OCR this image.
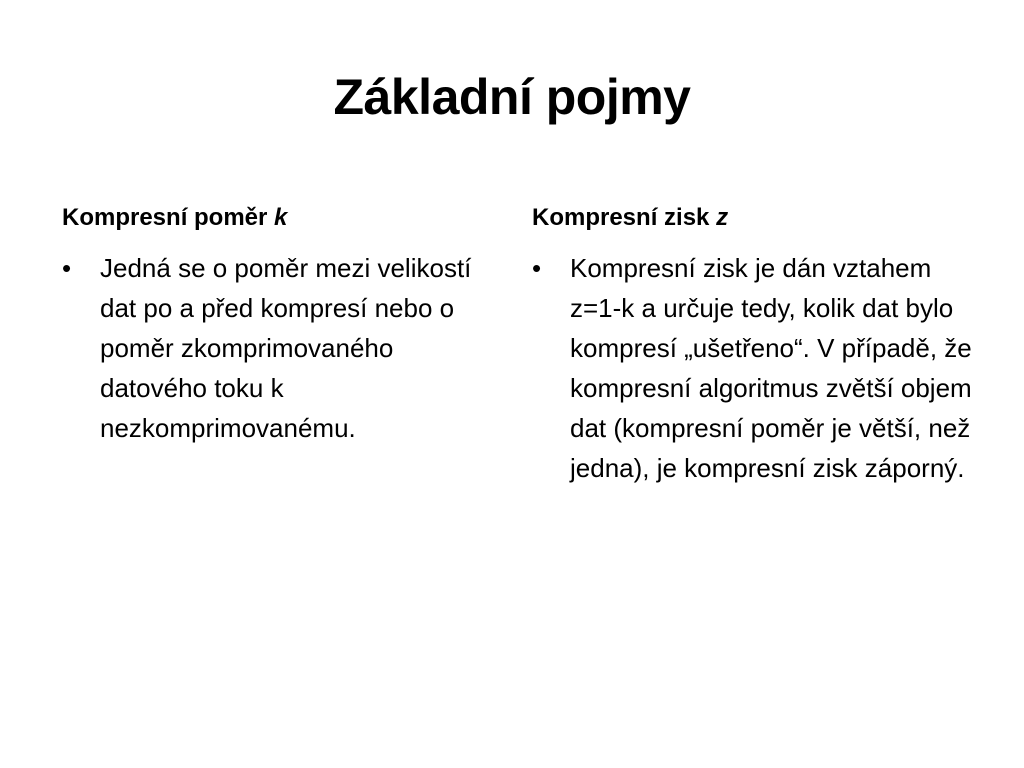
Základní pojmy
Kompresní poměr k
•	Jedná se o poměr mezi velikostí dat po a před kompresí nebo o poměr zkomprimovaného datového toku k nezkomprimovanému.
Kompresní zisk z
•	Kompresní zisk je dán vztahem z=1-k a určuje tedy, kolik dat bylo kompresí „ušetřeno“. V případě, že kompresní algoritmus zvětší objem dat (kompresní poměr je větší, než jedna), je kompresní zisk záporný.
